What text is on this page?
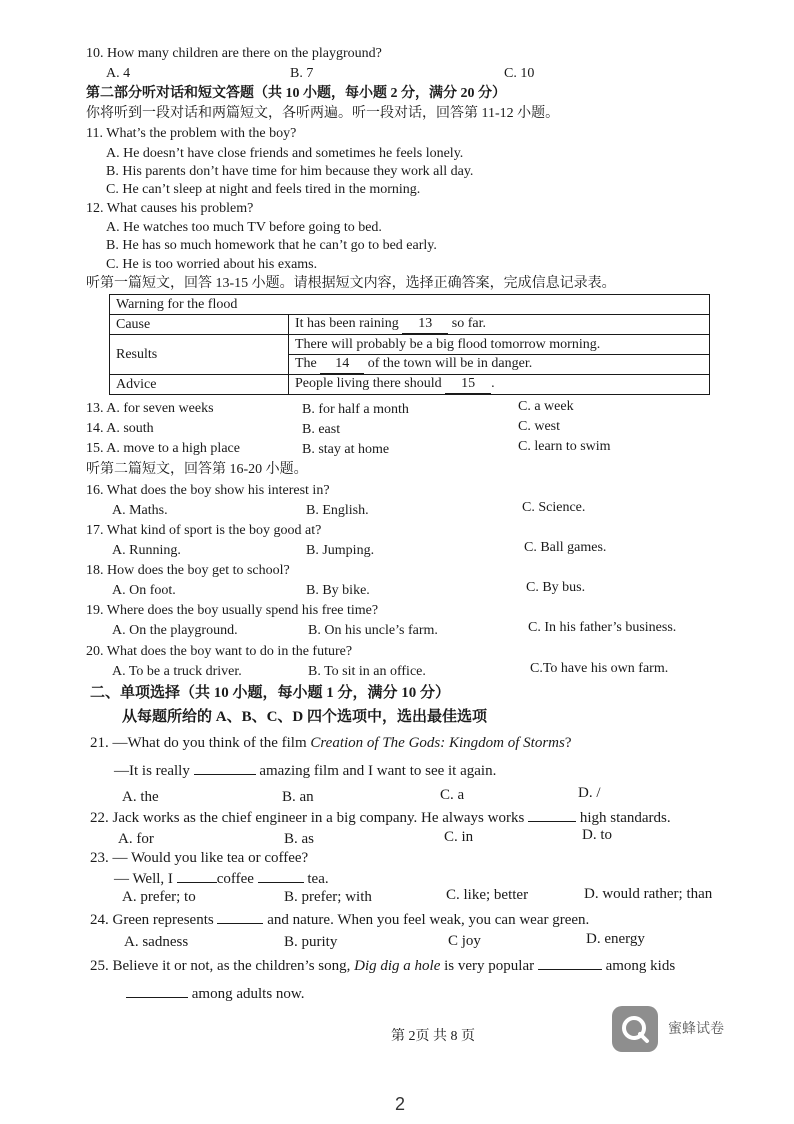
10. How many children are there on the playground?
A. 4	B. 7	C. 10
第二部分听对话和短文答题（共 10 小题，每小题 2 分，满分 20 分）
你将听到一段对话和两篇短文，各听两遍。听一段对话，回答第 11-12 小题。
11. What’s the problem with the boy?
A. He doesn’t have close friends and sometimes he feels lonely.
B. His parents don’t have time for him because they work all day.
C. He can’t sleep at night and feels tired in the morning.
12. What causes his problem?
A. He watches too much TV before going to bed.
B. He has so much homework that he can’t go to bed early.
C. He is too worried about his exams.
听第一篇短文，回答 13-15 小题。请根据短文内容，选择正确答案，完成信息记录表。
Warning for the flood	
Cause	It has been raining 13 so far.
Results	There will probably be a big flood tomorrow morning.
	The 14 of the town will be in danger.
Advice	People living there should 15 .
13. A. for seven weeks	B. for half a month	C. a week
14. A. south	B. east	C. west
15. A. move to a high place	B. stay at home	C. learn to swim
听第二篇短文，回答第 16-20 小题。
16. What does the boy show his interest in?
A. Maths.	B. English.	C. Science.
17. What kind of sport is the boy good at?
A. Running.	B. Jumping.	C. Ball games.
18. How does the boy get to school?
A. On foot.	B. By bike.	C. By bus.
19. Where does the boy usually spend his free time?
A. On the playground.	B. On his uncle’s farm.	C. In his father’s business.
20. What does the boy want to do in the future?
A. To be a truck driver.	B. To sit in an office.	C.To have his own farm.
二、单项选择（共 10 小题，每小题 1 分，满分 10 分）
从每题所给的 A、B、C、D 四个选项中，选出最佳选项
21. —What do you think of the film Creation of The Gods: Kingdom of Storms?
—It is really	amazing film and I want to see it again.
A. the	B. an	C. a	D. /
22. Jack works as the chief engineer in a big company. He always works	high standards.
A. for	B. as	C. in	D. to
23. — Would you like tea or coffee?
— Well, I	coffee	tea.
A. prefer; to	B. prefer; with	C. like; better	D. would rather; than
24. Green represents	and nature. When you feel weak, you can wear green.
A. sadness	B. purity	C joy	D. energy
25. Believe it or not, as the children’s song, Dig dig a hole is very popular	among kids
among adults now.
第 2页 共 8 页	蜜蜂试卷
2
